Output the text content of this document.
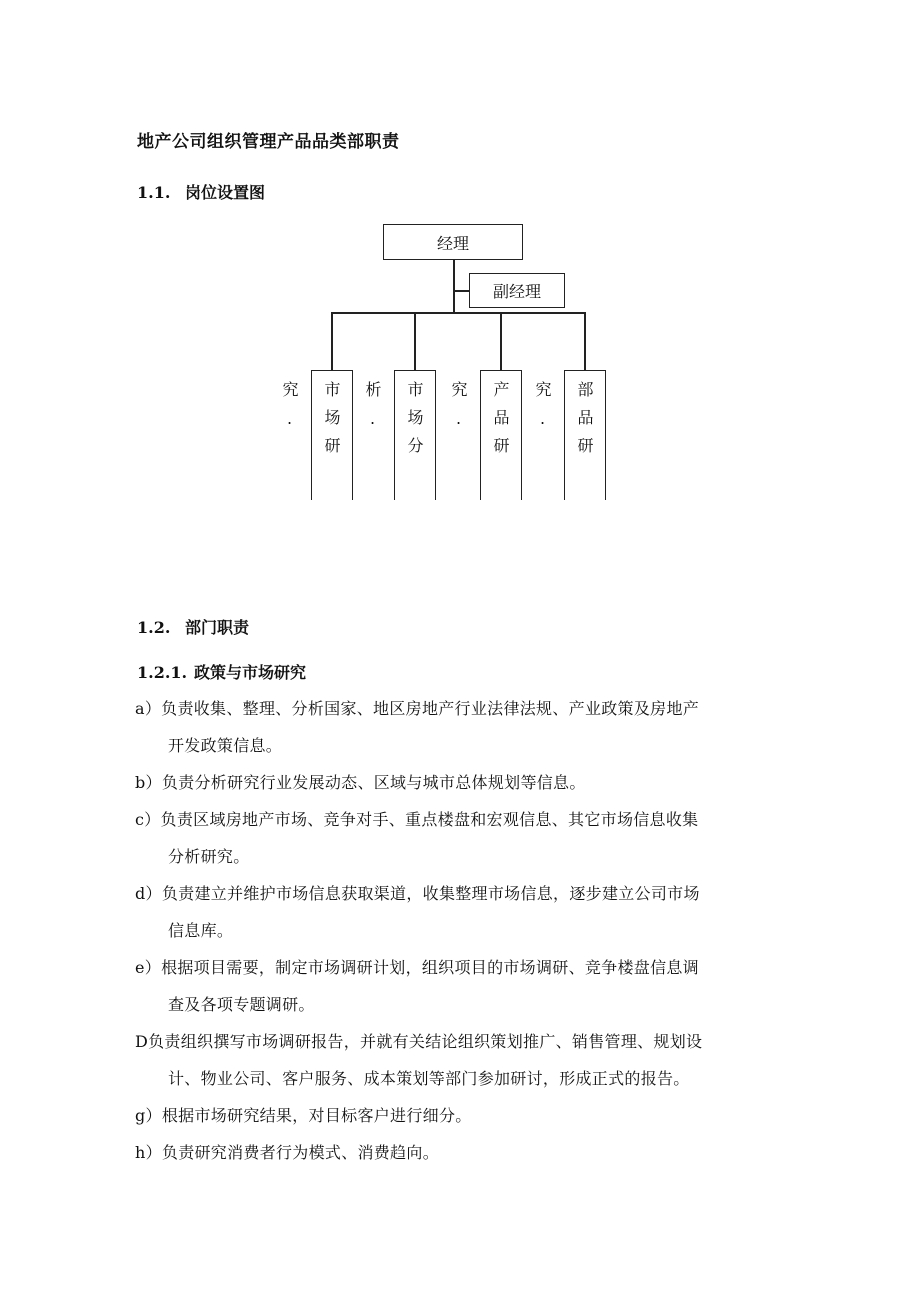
地产公司组织管理产品品类部职责
1.1. 岗位设置图
经理
副经理
市场研究.	市场分析.	产品研究.	部品研究.
1.2. 部门职责
1.2.1. 政策与市场研究
a）负责收集、整理、分析国家、地区房地产行业法律法规、产业政策及房地产
开发政策信息。
b）负责分析研究行业发展动态、区域与城市总体规划等信息。
c）负责区域房地产市场、竞争对手、重点楼盘和宏观信息、其它市场信息收集
分析研究。
d）负责建立并维护市场信息获取渠道，收集整理市场信息，逐步建立公司市场
信息库。
e）根据项目需要，制定市场调研计划，组织项目的市场调研、竞争楼盘信息调
查及各项专题调研。
D负责组织撰写市场调研报告，并就有关结论组织策划推广、销售管理、规划设
计、物业公司、客户服务、成本策划等部门参加研讨，形成正式的报告。
g）根据市场研究结果，对目标客户进行细分。
h）负责研究消费者行为模式、消费趋向。
